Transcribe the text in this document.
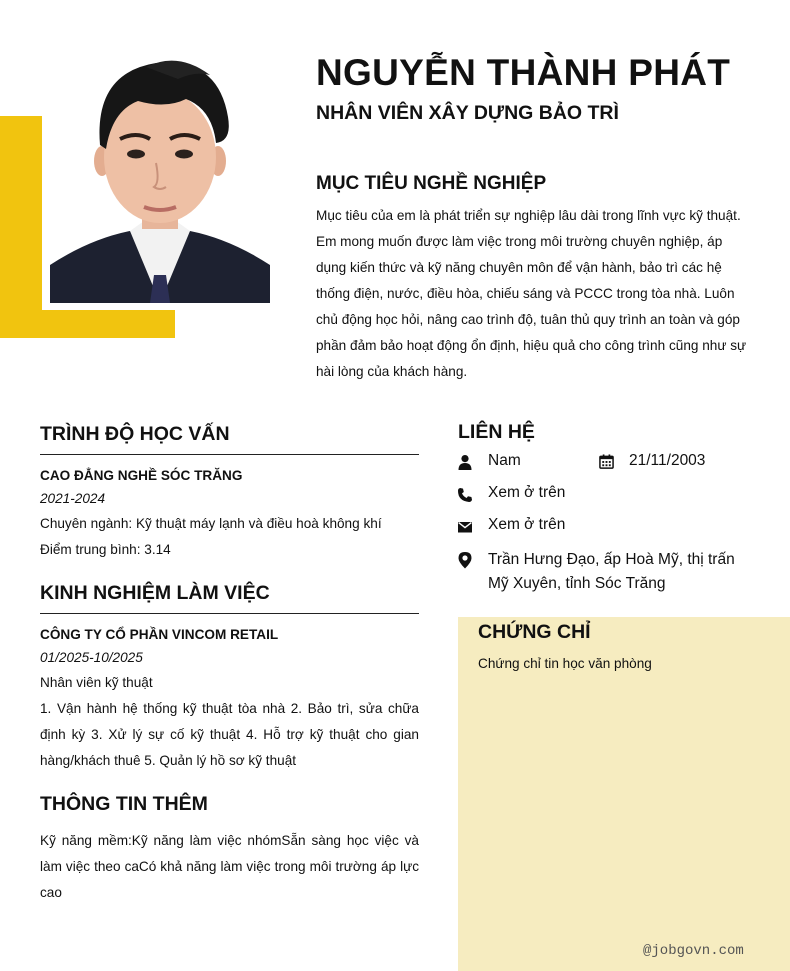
NGUYỄN THÀNH PHÁT
NHÂN VIÊN XÂY DỰNG BẢO TRÌ
MỤC TIÊU NGHỀ NGHIỆP
Mục tiêu của em là phát triển sự nghiệp lâu dài trong lĩnh vực kỹ thuật. Em mong muốn được làm việc trong môi trường chuyên nghiệp, áp dụng kiến thức và kỹ năng chuyên môn để vận hành, bảo trì các hệ thống điện, nước, điều hòa, chiếu sáng và PCCC trong tòa nhà. Luôn chủ động học hỏi, nâng cao trình độ, tuân thủ quy trình an toàn và góp phần đảm bảo hoạt động ổn định, hiệu quả cho công trình cũng như sự hài lòng của khách hàng.
TRÌNH ĐỘ HỌC VẤN
CAO ĐẲNG NGHỀ SÓC TRĂNG
2021-2024
Chuyên ngành: Kỹ thuật máy lạnh và điều hoà không khí
Điểm trung bình: 3.14
KINH NGHIỆM LÀM VIỆC
CÔNG TY CỔ PHẦN VINCOM RETAIL
01/2025-10/2025
Nhân viên kỹ thuật
1. Vận hành hệ thống kỹ thuật tòa nhà 2. Bảo trì, sửa chữa định kỳ 3. Xử lý sự cố kỹ thuật 4. Hỗ trợ kỹ thuật cho gian hàng/khách thuê 5. Quản lý hồ sơ kỹ thuật
THÔNG TIN THÊM
Kỹ năng mềm:Kỹ năng làm việc nhómSẵn sàng học việc và làm việc theo caCó khả năng làm việc trong môi trường áp lực cao
LIÊN HỆ
Nam	21/11/2003
Xem ở trên
Xem ở trên
Trần Hưng Đạo, ấp Hoà Mỹ, thị trấn Mỹ Xuyên, tỉnh Sóc Trăng
CHỨNG CHỈ
Chứng chỉ tin học văn phòng
@jobgovn.com
